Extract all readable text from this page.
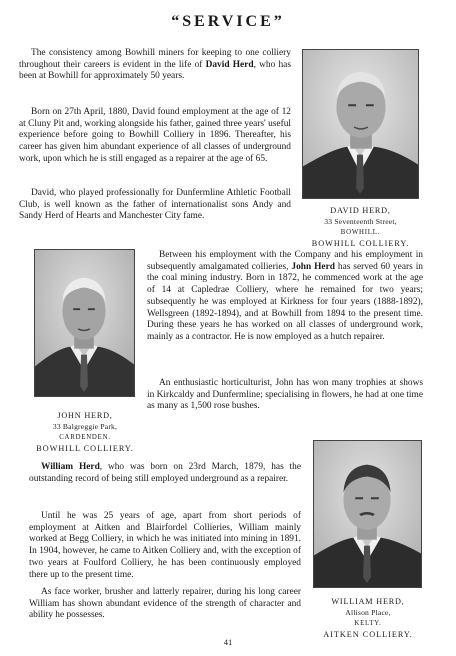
“SERVICE”

The consistency among Bowhill miners for keeping to one colliery throughout their careers is evident in the life of David Herd, who has been at Bowhill for approximately 50 years.

Born on 27th April, 1880, David found employment at the age of 12 at Cluny Pit and, working alongside his father, gained three years' useful experience before going to Bowhill Colliery in 1896. Thereafter, his career has given him abundant experience of all classes of underground work, upon which he is still engaged as a repairer at the age of 65.

David, who played professionally for Dunfermline Athletic Football Club, is well known as the father of internationalist sons Andy and Sandy Herd of Hearts and Manchester City fame.

DAVID HERD,
33 Seventeenth Street,
BOWHILL.
BOWHILL COLLIERY.
JOHN HERD,
33 Balgreggie Park,
CARDENDEN.
BOWHILL COLLIERY.

Between his employment with the Company and his employment in subsequently amalgamated collieries, John Herd has served 60 years in the coal mining industry. Born in 1872, he commenced work at the age of 14 at Capledrae Colliery, where he remained for two years; subsequently he was employed at Kirkness for four years (1888-1892), Wellsgreen (1892-1894), and at Bowhill from 1894 to the present time. During these years he has worked on all classes of underground work, mainly as a contractor. He is now employed as a hutch repairer.

An enthusiastic horticulturist, John has won many trophies at shows in Kirkcaldy and Dunfermline; specialising in flowers, he had at one time as many as 1,500 rose bushes.

William Herd, who was born on 23rd March, 1879, has the outstanding record of being still employed underground as a repairer.

Until he was 25 years of age, apart from short periods of employment at Aitken and Blairfordel Collieries, William mainly worked at Begg Colliery, in which he was initiated into mining in 1891. In 1904, however, he came to Aitken Colliery and, with the exception of two years at Foulford Colliery, he has been continuously employed there up to the present time.

As face worker, brusher and latterly repairer, during his long career William has shown abundant evidence of the strength of character and ability he possesses.

WILLIAM HERD,
Allison Place,
KELTY.
AITKEN COLLIERY.
41
